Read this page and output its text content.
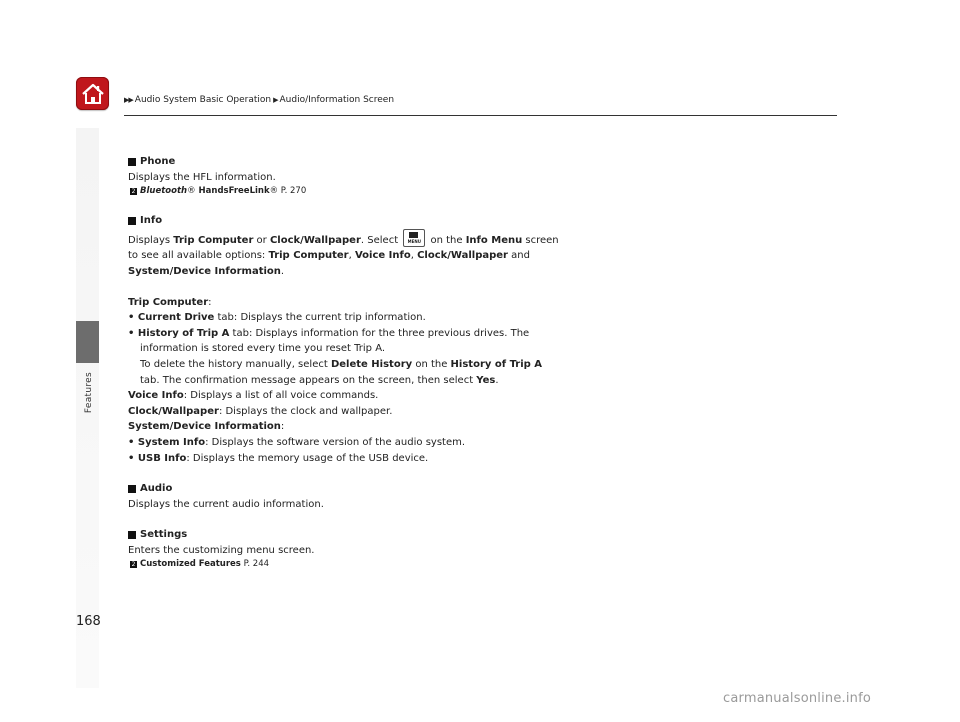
▶▶ Audio System Basic Operation ▶ Audio/Information Screen
Features
168
Phone
Displays the HFL information.
2 Bluetooth® HandsFreeLink® P. 270
Info
Displays Trip Computer or Clock/Wallpaper. Select	MENU on the Info Menu screen
to see all available options: Trip Computer, Voice Info, Clock/Wallpaper and
System/Device Information.
Trip Computer:
• Current Drive tab: Displays the current trip information.
• History of Trip A tab: Displays information for the three previous drives. The
information is stored every time you reset Trip A.
To delete the history manually, select Delete History on the History of Trip A
tab. The confirmation message appears on the screen, then select Yes.
Voice Info: Displays a list of all voice commands.
Clock/Wallpaper: Displays the clock and wallpaper.
System/Device Information:
• System Info: Displays the software version of the audio system.
• USB Info: Displays the memory usage of the USB device.
Audio
Displays the current audio information.
Settings
Enters the customizing menu screen.
2 Customized Features P. 244
carmanualsonline.info
